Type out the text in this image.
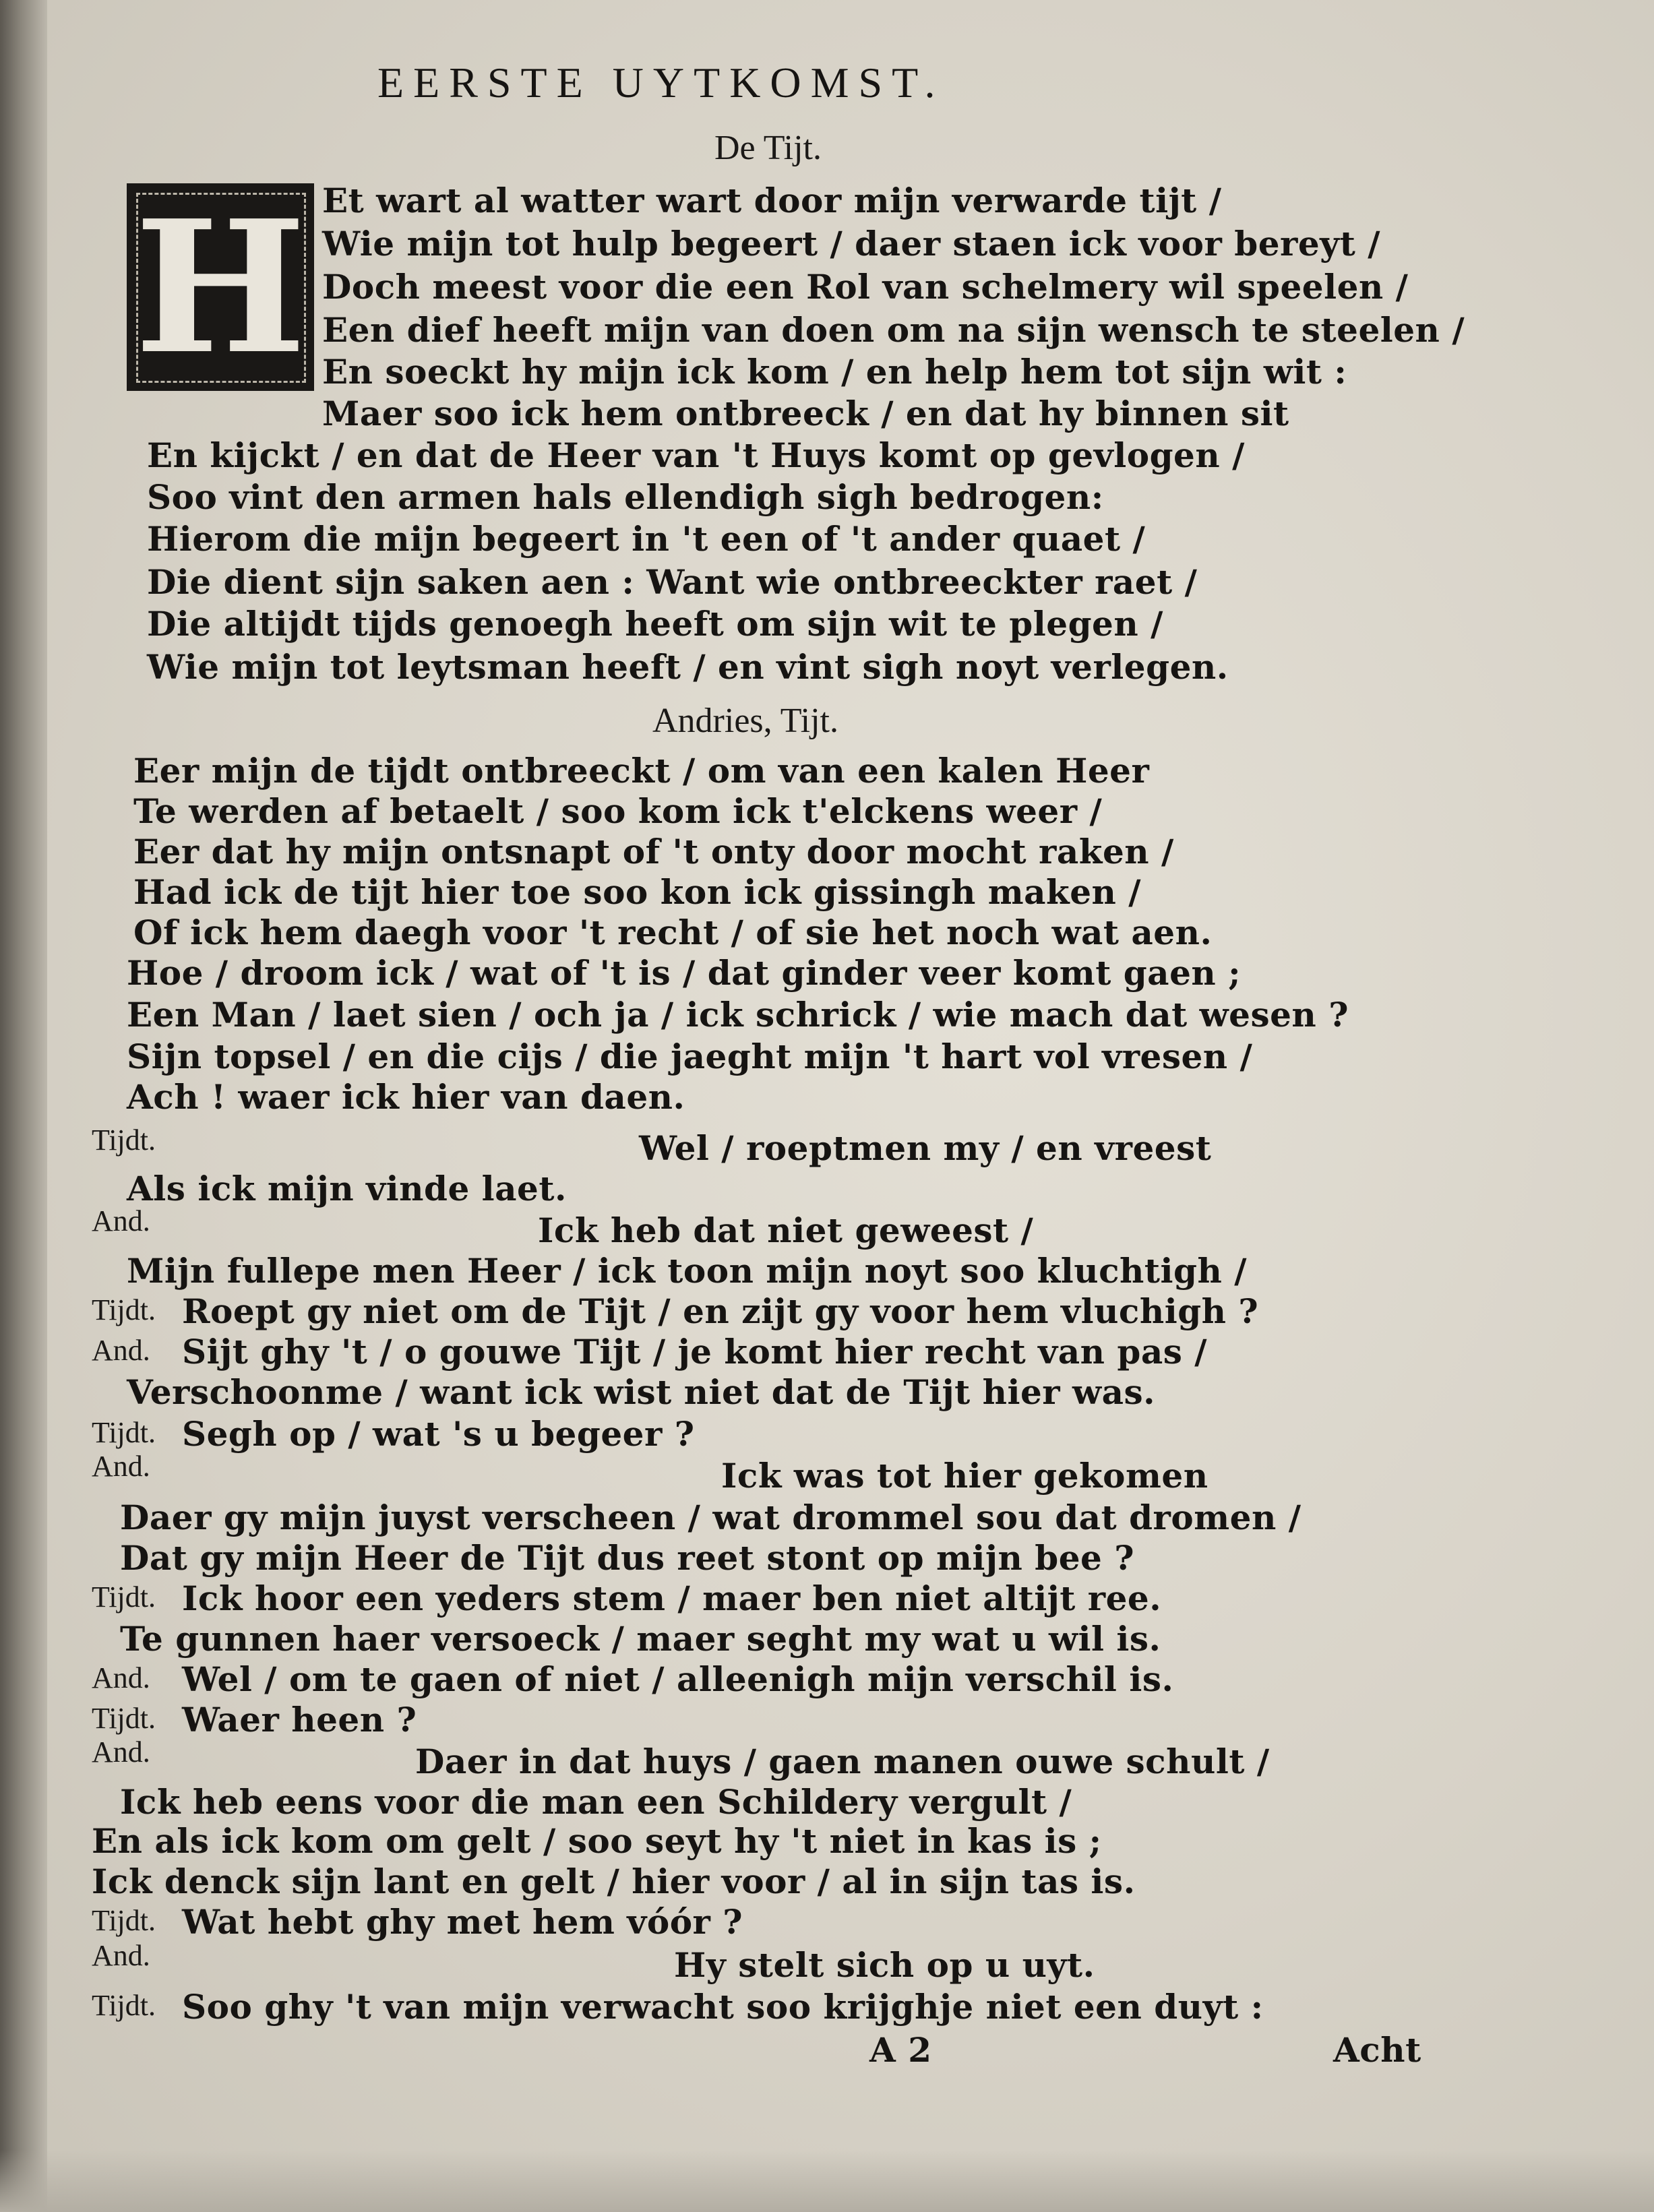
EERSTE UYTKOMST.
De Tijt.
H Et wart al watter wart door mijn verwarde tijt /
Wie mijn tot hulp begeert / daer staen ick voor bereyt /
Doch meest voor die een Rol van schelmery wil speelen /
Een dief heeft mijn van doen om na sijn wensch te steelen /
En soeckt hy mijn ick kom / en help hem tot sijn wit :
Maer soo ick hem ontbreeck / en dat hy binnen sit
En kijckt / en dat de Heer van 't Huys komt op gevlogen /
Soo vint den armen hals ellendigh sigh bedrogen:
Hierom die mijn begeert in 't een of 't ander quaet /
Die dient sijn saken aen : Want wie ontbreeckter raet /
Die altijdt tijds genoegh heeft om sijn wit te plegen /
Wie mijn tot leytsman heeft / en vint sigh noyt verlegen.
Andries, Tijt.
Eer mijn de tijdt ontbreeckt / om van een kalen Heer
Te werden af betaelt / soo kom ick t'elckens weer /
Eer dat hy mijn ontsnapt of 't onty door mocht raken /
Had ick de tijt hier toe soo kon ick gissingh maken /
Of ick hem daegh voor 't recht / of sie het noch wat aen.
Hoe / droom ick / wat of 't is / dat ginder veer komt gaen ;
Een Man / laet sien / och ja / ick schrick / wie mach dat wesen ?
Sijn topsel / en die cijs / die jaeght mijn 't hart vol vresen /
Ach ! waer ick hier van daen.
Tijdt.	Wel / roeptmen my / en vreest
Als ick mijn vinde laet.
And.	Ick heb dat niet geweest /
Mijn fullepe men Heer / ick toon mijn noyt soo kluchtigh /
Tijdt. Roept gy niet om de Tijt / en zijt gy voor hem vluchigh ?
And. Sijt ghy 't / o gouwe Tijt / je komt hier recht van pas /
Verschoonme / want ick wist niet dat de Tijt hier was.
Tijdt. Segh op / wat 's u begeer ?
And.	Ick was tot hier gekomen
Daer gy mijn juyst verscheen / wat drommel sou dat dromen /
Dat gy mijn Heer de Tijt dus reet stont op mijn bee ?
Tijdt. Ick hoor een yeders stem / maer ben niet altijt ree.
Te gunnen haer versoeck / maer seght my wat u wil is.
And. Wel / om te gaen of niet / alleenigh mijn verschil is.
Tijdt. Waer heen ?
And.	Daer in dat huys / gaen manen ouwe schult /
Ick heb eens voor die man een Schildery vergult /
En als ick kom om gelt / soo seyt hy 't niet in kas is ;
Ick denck sijn lant en gelt / hier voor / al in sijn tas is.
Tijdt. Wat hebt ghy met hem vóór ?
And.	Hy stelt sich op u uyt.
Tijdt. Soo ghy 't van mijn verwacht soo krijghje niet een duyt :
A 2	Acht
